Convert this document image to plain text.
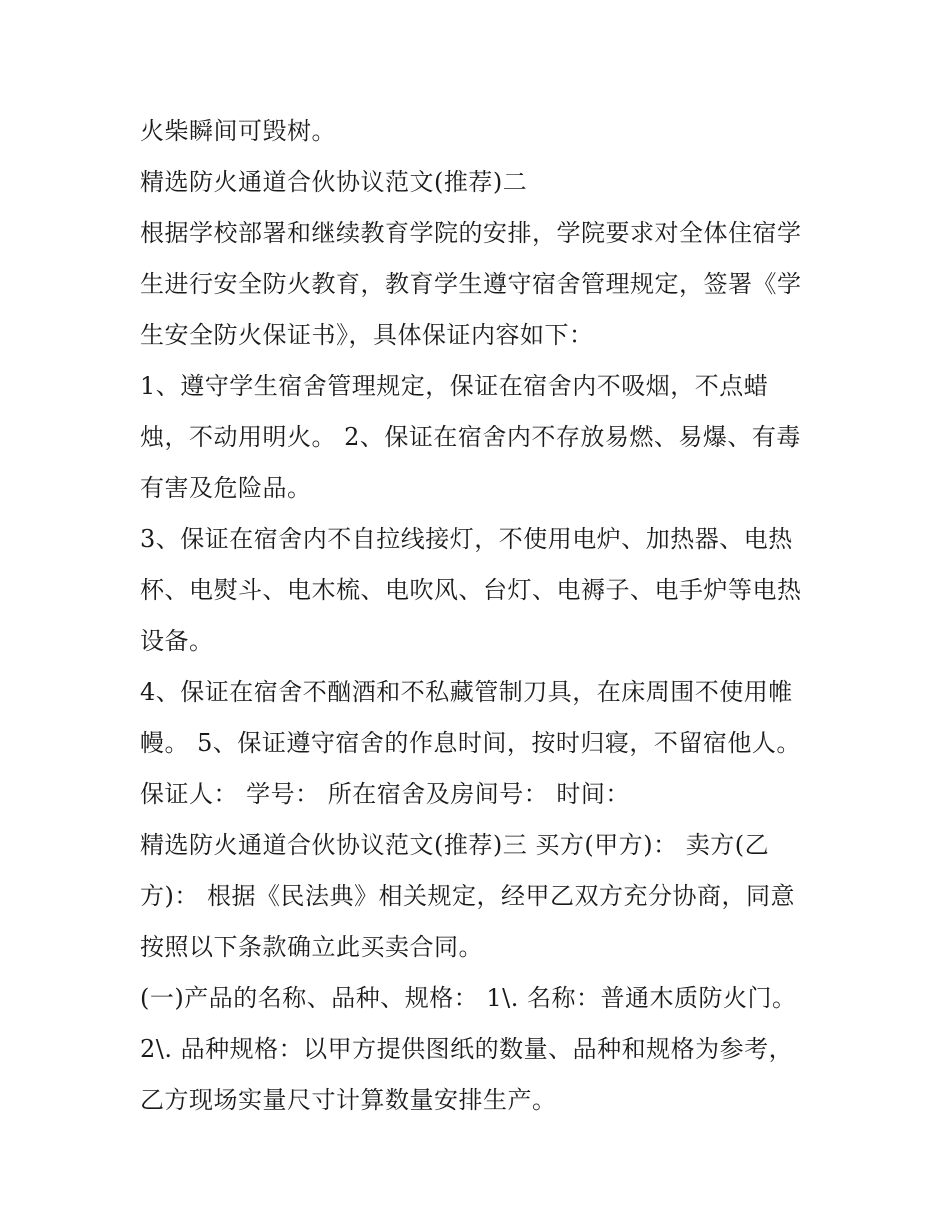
火柴瞬间可毁树。
精选防火通道合伙协议范文(推荐)二
根据学校部署和继续教育学院的安排，学院要求对全体住宿学
生进行安全防火教育，教育学生遵守宿舍管理规定，签署《学
生安全防火保证书》，具体保证内容如下：
1、遵守学生宿舍管理规定，保证在宿舍内不吸烟，不点蜡
烛，不动用明火。 2、保证在宿舍内不存放易燃、易爆、有毒
有害及危险品。
3、保证在宿舍内不自拉线接灯，不使用电炉、加热器、电热
杯、电熨斗、电木梳、电吹风、台灯、电褥子、电手炉等电热
设备。
4、保证在宿舍不酗酒和不私藏管制刀具，在床周围不使用帷
幔。 5、保证遵守宿舍的作息时间，按时归寝，不留宿他人。
保证人： 学号： 所在宿舍及房间号： 时间：
精选防火通道合伙协议范文(推荐)三 买方(甲方)： 卖方(乙
方)： 根据《民法典》相关规定，经甲乙双方充分协商，同意
按照以下条款确立此买卖合同。
(一)产品的名称、品种、规格： 1\. 名称：普通木质防火门。
2\. 品种规格：以甲方提供图纸的数量、品种和规格为参考，
乙方现场实量尺寸计算数量安排生产。
